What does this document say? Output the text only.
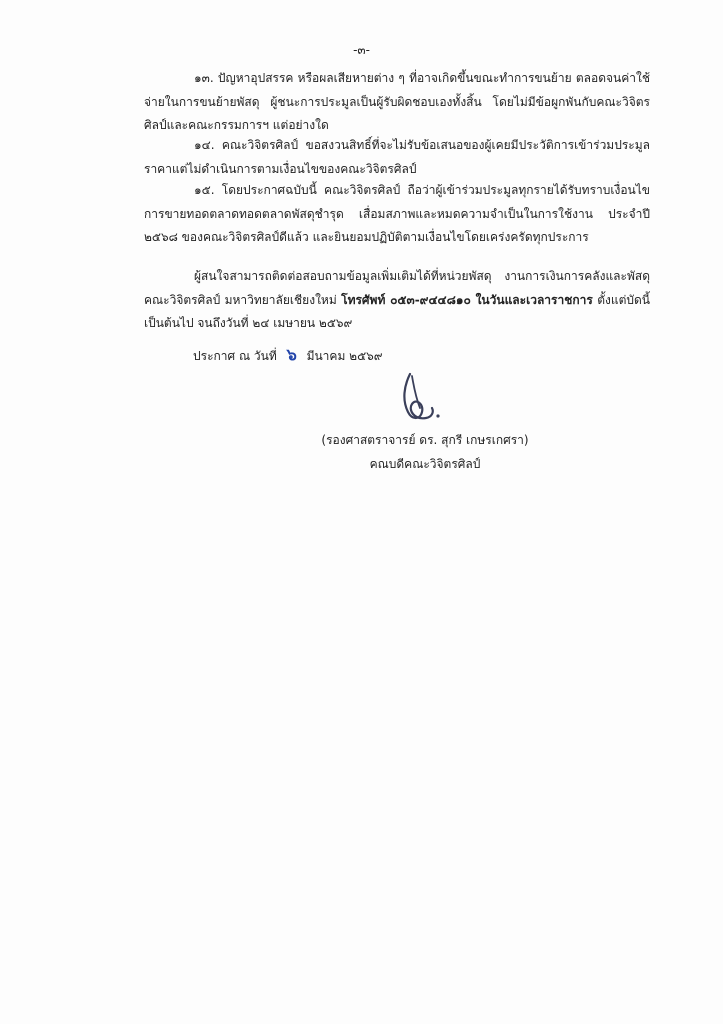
-๓-

๑๓. ปัญหาอุปสรรค หรือผลเสียหายต่าง ๆ ที่อาจเกิดขึ้นขณะทำการขนย้าย ตลอดจนค่าใช้จ่ายในการขนย้ายพัสดุ ผู้ชนะการประมูลเป็นผู้รับผิดชอบเองทั้งสิ้น โดยไม่มีข้อผูกพันกับคณะวิจิตรศิลป์และคณะกรรมการฯ แต่อย่างใด

๑๔. คณะวิจิตรศิลป์ ขอสงวนสิทธิ์ที่จะไม่รับข้อเสนอของผู้เคยมีประวัติการเข้าร่วมประมูลราคาแต่ไม่ดำเนินการตามเงื่อนไขของคณะวิจิตรศิลป์

๑๕. โดยประกาศฉบับนี้ คณะวิจิตรศิลป์ ถือว่าผู้เข้าร่วมประมูลทุกรายได้รับทราบเงื่อนไขการขายทอดตลาดทอดตลาดพัสดุชำรุด เสื่อมสภาพและหมดความจำเป็นในการใช้งาน ประจำปี ๒๕๖๘ ของคณะวิจิตรศิลป์ดีแล้ว และยินยอมปฏิบัติตามเงื่อนไขโดยเคร่งครัดทุกประการ

ผู้สนใจสามารถติดต่อสอบถามข้อมูลเพิ่มเติมได้ที่หน่วยพัสดุ งานการเงินการคลังและพัสดุ คณะวิจิตรศิลป์ มหาวิทยาลัยเชียงใหม่ โทรศัพท์ ๐๕๓-๙๔๔๘๑๐ ในวันและเวลาราชการ ตั้งแต่บัดนี้เป็นต้นไป จนถึงวันที่ ๒๔ เมษายน ๒๕๖๙

ประกาศ ณ วันที่ ๖ มีนาคม ๒๕๖๙
(รองศาสตราจารย์ ดร. สุกรี เกษรเกศรา)
คณบดีคณะวิจิตรศิลป์
